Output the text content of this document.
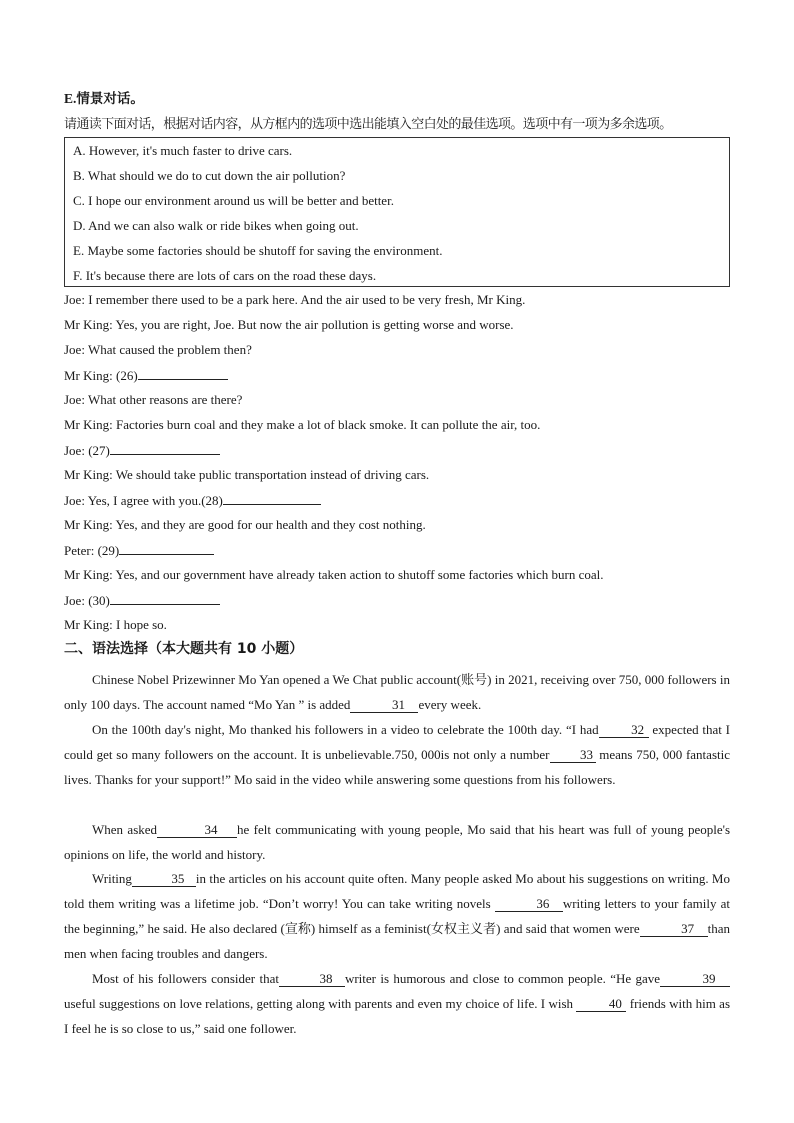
E.情景对话。
请通读下面对话，根据对话内容，从方框内的选项中选出能填入空白处的最佳选项。选项中有一项为多余选项。
A. However, it's much faster to drive cars.
B. What should we do to cut down the air pollution?
C. I hope our environment around us will be better and better.
D. And we can also walk or ride bikes when going out.
E. Maybe some factories should be shutoff for saving the environment.
F. It's because there are lots of cars on the road these days.
Joe: I remember there used to be a park here. And the air used to be very fresh, Mr King.
Mr King: Yes, you are right, Joe. But now the air pollution is getting worse and worse.
Joe: What caused the problem then?
Mr King: (26)
Joe: What other reasons are there?
Mr King: Factories burn coal and they make a lot of black smoke. It can pollute the air, too.
Joe: (27)
Mr King: We should take public transportation instead of driving cars.
Joe: Yes, I agree with you.(28)
Mr King: Yes, and they are good for our health and they cost nothing.
Peter: (29)
Mr King: Yes, and our government have already taken action to shutoff some factories which burn coal.
Joe: (30)
Mr King: I hope so.
二、语法选择（本大题共有 10 小题）
Chinese Nobel Prizewinner Mo Yan opened a We Chat public account(账号) in 2021, receiving over 750, 000 followers in only 100 days. The account named “Mo Yan ” is added	31 every week.
On the 100th day's night, Mo thanked his followers in a video to celebrate the 100th day. “I had	32 expected that I could get so many followers on the account. It is unbelievable.750, 000is not only a number 33 means 750, 000 fantastic lives. Thanks for your support!” Mo said in the video while answering some questions from his followers.
When asked	34 he felt communicating with young people, Mo said that his heart was full of young people's opinions on life, the world and history.
Writing	35 in the articles on his account quite often. Many people asked Mo about his suggestions on writing. Mo told them writing was a lifetime job. “Don’t worry! You can take writing novels	36 writing letters to your family at the beginning,” he said. He also declared (宣称) himself as a feminist(女权主义者) and said that women were	37 than men when facing troubles and dangers.
Most of his followers consider that	38 writer is humorous and close to common people. “He gave	39useful suggestions on love relations, getting along with parents and even my choice of life. I wish	40 friends with him as I feel he is so close to us,” said one follower.
